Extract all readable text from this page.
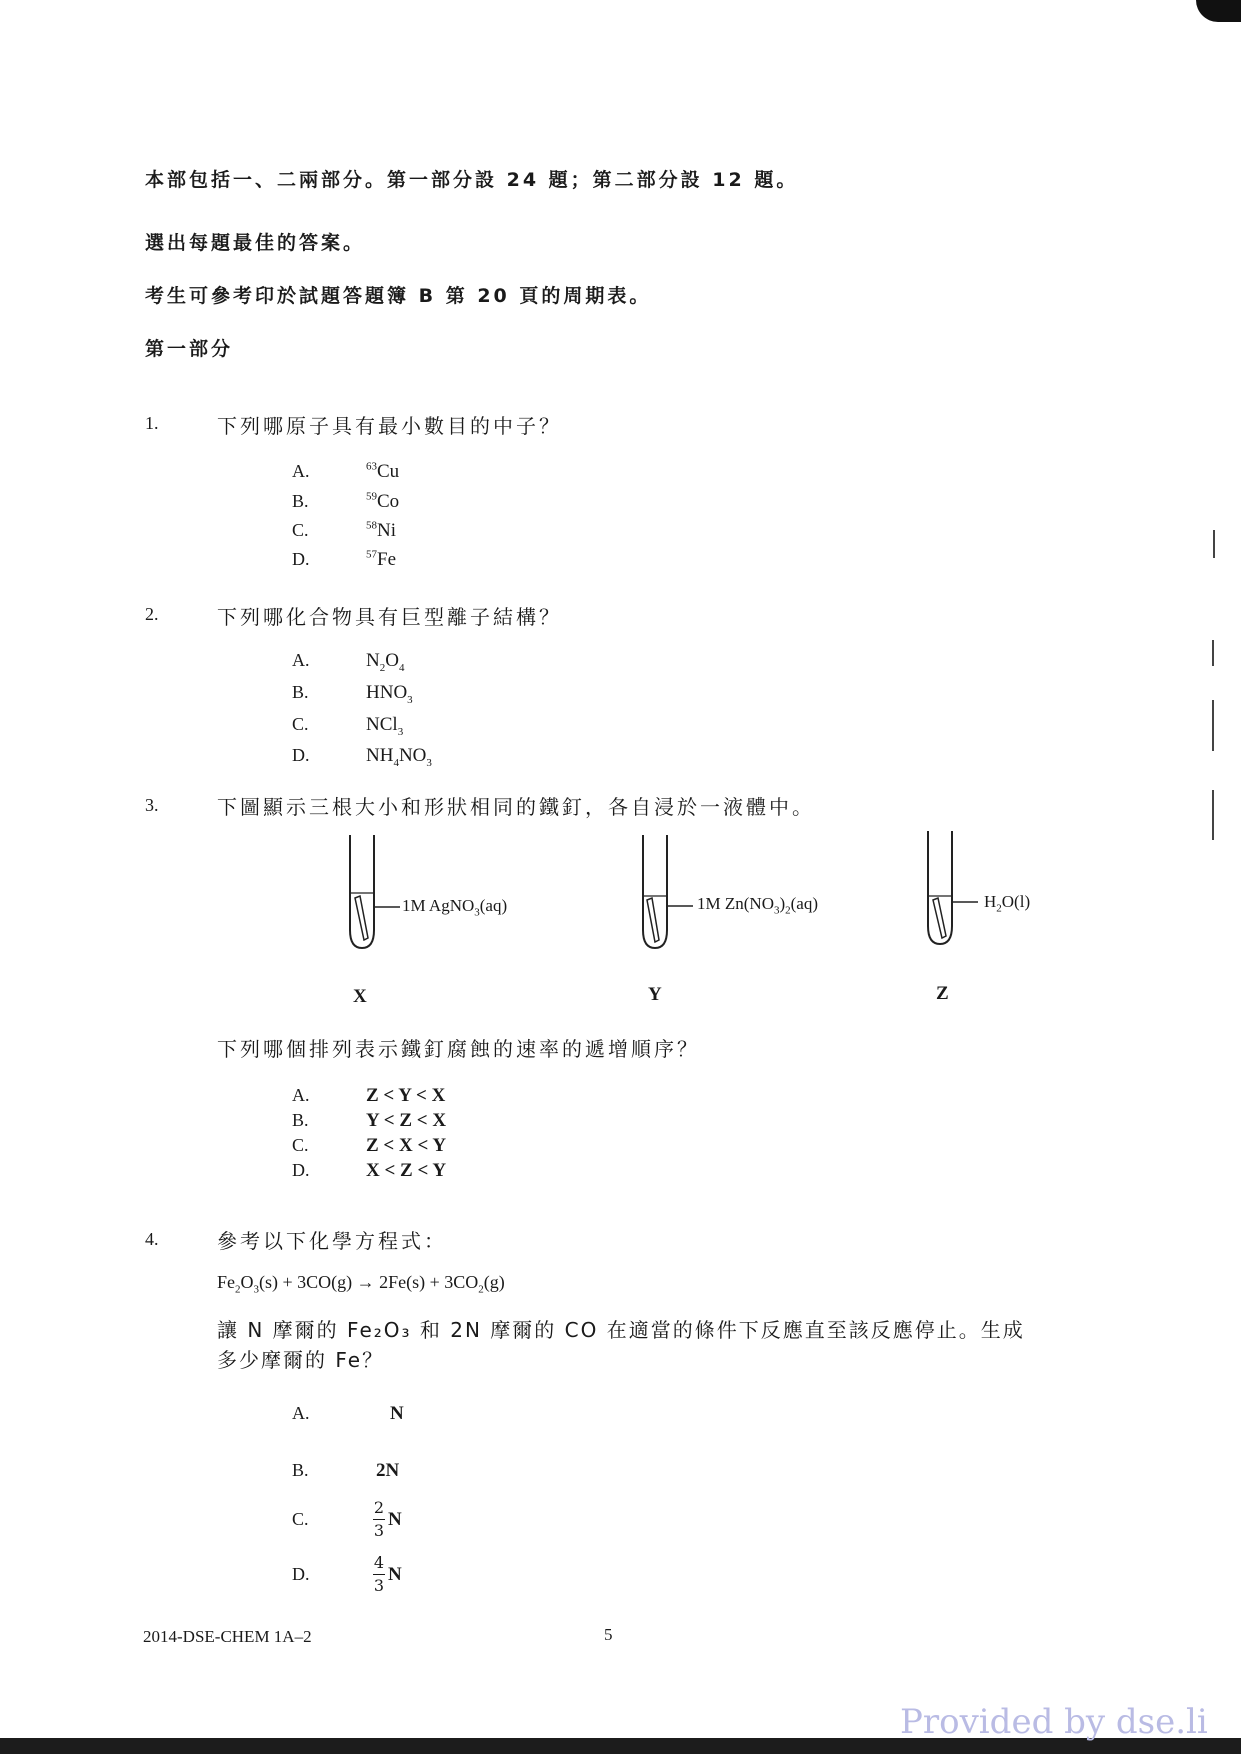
本部包括一、二兩部分。第一部分設 24 題；第二部分設 12 題。
選出每題最佳的答案。
考生可參考印於試題答題簿 B 第 20 頁的周期表。
第一部分
1.	下列哪原子具有最小數目的中子？
A.	$^{63}$Cu
B.	$^{59}$Co
C.	$^{58}$Ni
D.	$^{57}$Fe
2.	下列哪化合物具有巨型離子結構？
A.	$N_2O_4$
B.	$HNO_3$
C.	NCl$_3$
D.	$NH_4NO_3$
3.	下圖顯示三根大小和形狀相同的鐵釘，各自浸於一液體中。
1M AgNO$_3$(aq)
X
1M $Zn(NO_3)_2(aq)$
Y
$H_2O(l)$
Z
下列哪個排列表示鐵釘腐蝕的速率的遞增順序？
A.	Z < Y < X
B.	Y < Z < X
C.	Z < X < Y
D.	X < Z < Y
4.	參考以下化學方程式：
$Fe_2O_3(s) + 3CO(g) \to 2Fe(s) + 3CO_2(g)$
讓 N 摩爾的 Fe₂O₃ 和 2N 摩爾的 CO 在適當的條件下反應直至該反應停止。生成
多少摩爾的 Fe？
A.	N
B.	2N
C.	$\frac{2}{3}$ N
D.	$\frac{4}{3}$ N
2014-DSE-CHEM 1A–2	5
Provided by dse.li
